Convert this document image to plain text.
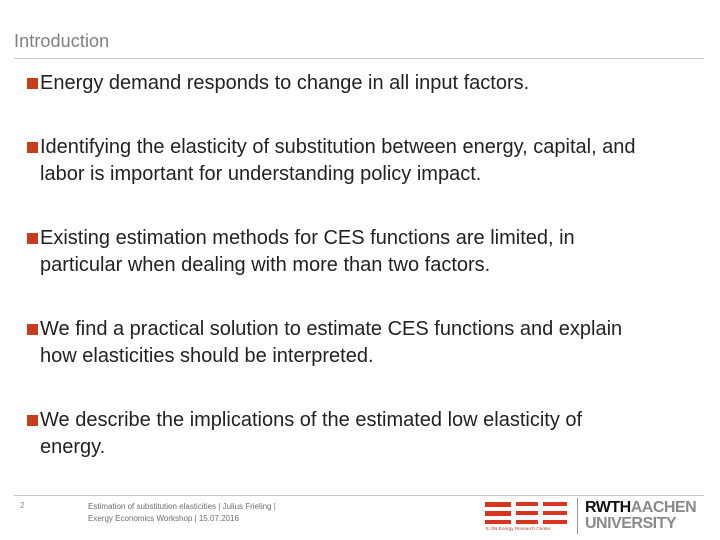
Introduction
Energy demand responds to change in all input factors.
Identifying the elasticity of substitution between energy, capital, and
labor is important for understanding policy impact.
Existing estimation methods for CES functions are limited, in
particular when dealing with more than two factors.
We find a practical solution to estimate CES functions and explain
how elasticities should be interpreted.
We describe the implications of the estimated low elasticity of
energy.
2	Estimation of substitution elasticities | Julius Frieling |
Exergy Economics Workshop | 15.07.2016
E.ON Energy Research Center
RWTHAACHEN
UNIVERSITY
